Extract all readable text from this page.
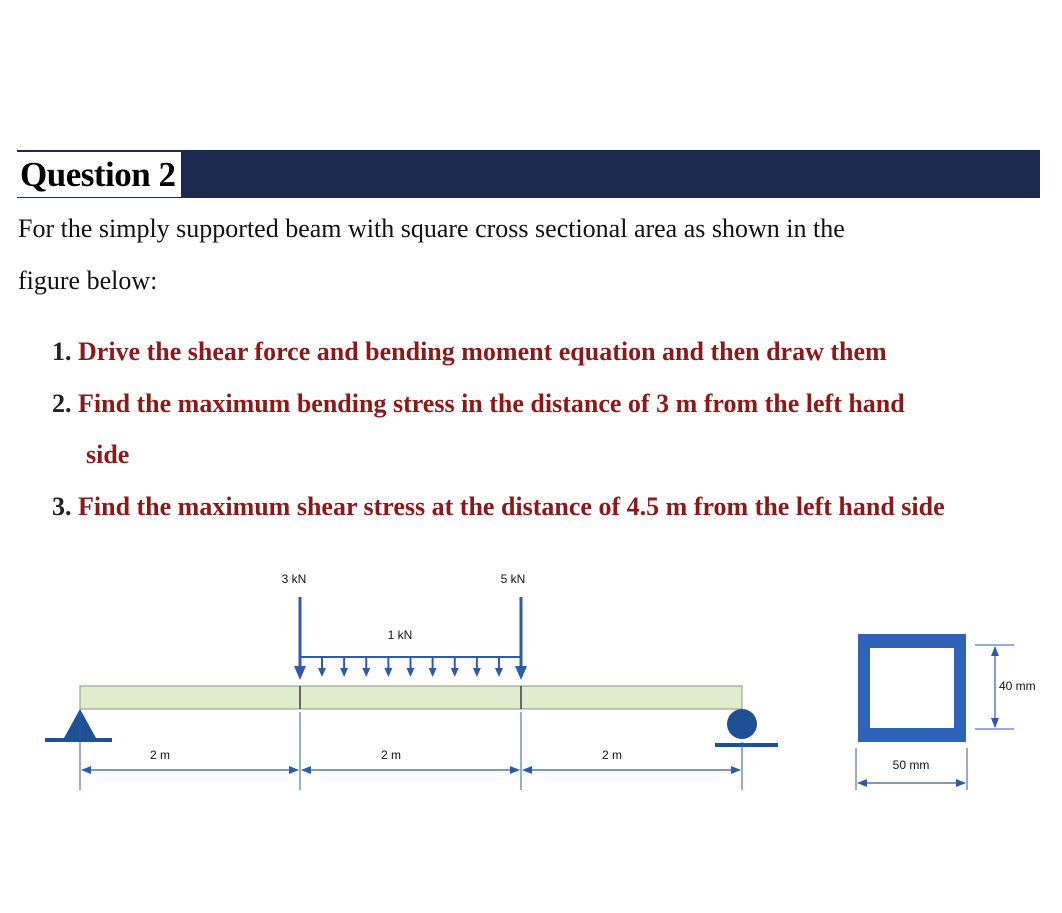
Question 2
For the simply supported beam with square cross sectional area as shown in the
figure below:
1. Drive the shear force and bending moment equation and then draw them
2. Find the maximum bending stress in the distance of 3 m from the left hand
side
3. Find the maximum shear stress at the distance of 4.5 m from the left hand side
3 kN	5 kN
1 kN
2 m	2 m	2 m
40 mm
50 mm
